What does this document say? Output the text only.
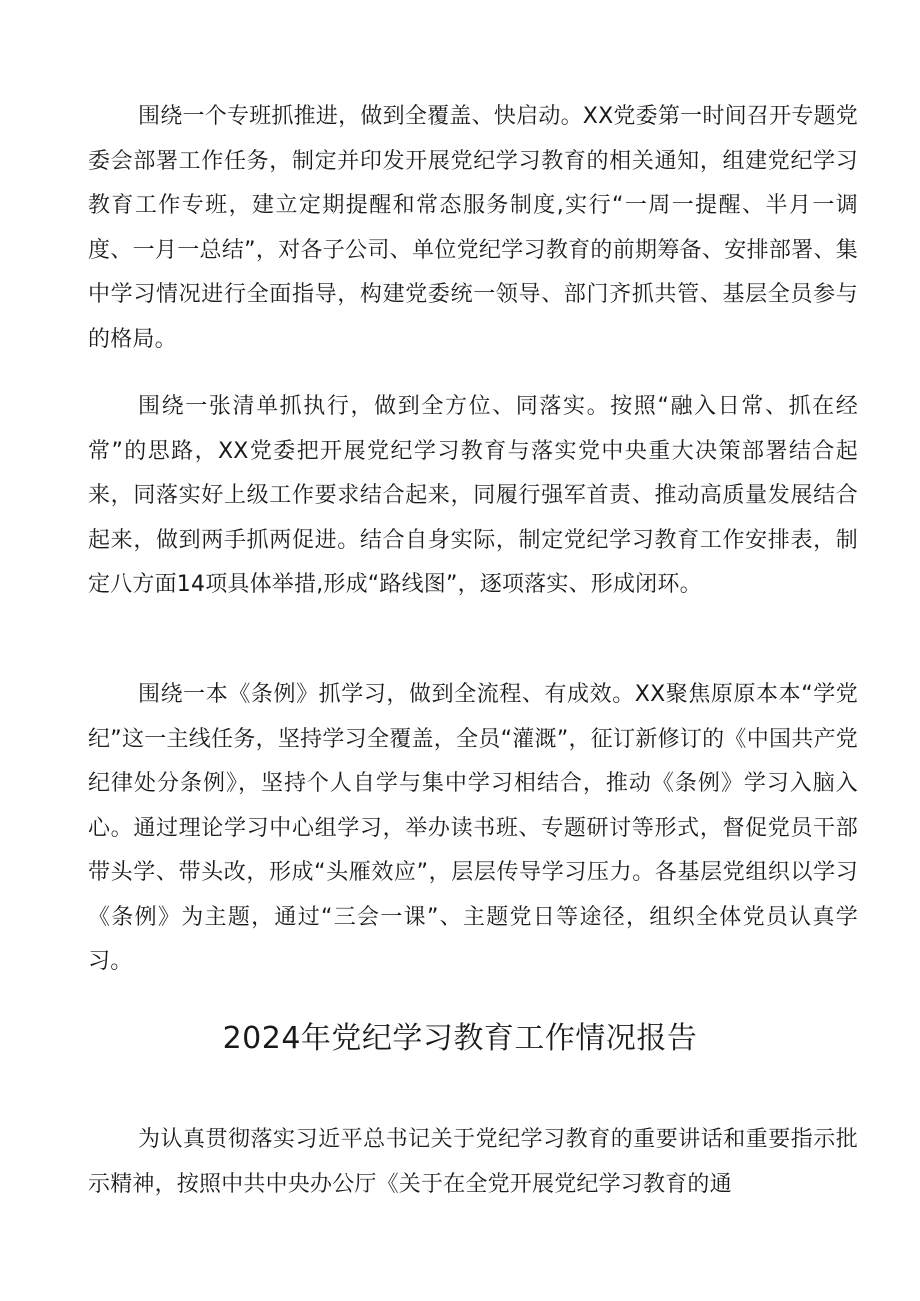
围绕一个专班抓推进，做到全覆盖、快启动。XX党委第一时间召开专题党委会部署工作任务，制定并印发开展党纪学习教育的相关通知，组建党纪学习教育工作专班，建立定期提醒和常态服务制度,实行“一周一提醒、半月一调度、一月一总结”，对各子公司、单位党纪学习教育的前期筹备、安排部署、集中学习情况进行全面指导，构建党委统一领导、部门齐抓共管、基层全员参与的格局。

围绕一张清单抓执行，做到全方位、同落实。按照“融入日常、抓在经常”的思路，XX党委把开展党纪学习教育与落实党中央重大决策部署结合起来，同落实好上级工作要求结合起来，同履行强军首责、推动高质量发展结合起来，做到两手抓两促进。结合自身实际，制定党纪学习教育工作安排表，制定八方面14项具体举措,形成“路线图”，逐项落实、形成闭环。

围绕一本《条例》抓学习，做到全流程、有成效。XX聚焦原原本本“学党纪”这一主线任务，坚持学习全覆盖，全员“灌溉”，征订新修订的《中国共产党纪律处分条例》，坚持个人自学与集中学习相结合，推动《条例》学习入脑入心。通过理论学习中心组学习，举办读书班、专题研讨等形式，督促党员干部带头学、带头改，形成“头雁效应”，层层传导学习压力。各基层党组织以学习《条例》为主题，通过“三会一课”、主题党日等途径，组织全体党员认真学习。

2024年党纪学习教育工作情况报告

为认真贯彻落实习近平总书记关于党纪学习教育的重要讲话和重要指示批示精神，按照中共中央办公厅《关于在全党开展党纪学习教育的通
